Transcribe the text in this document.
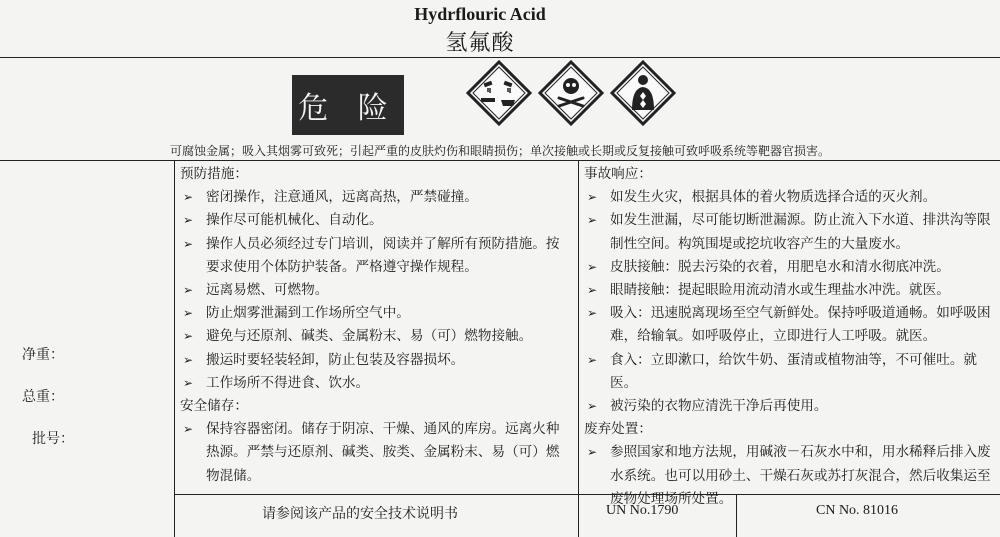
Hydrflouric Acid
氢氟酸
危 险
可腐蚀金属；吸入其烟雾可致死；引起严重的皮肤灼伤和眼睛损伤；单次接触或长期或反复接触可致呼吸系统等靶器官损害。
净重：
总重：
批号：
预防措施：
➢ 密闭操作，注意通风，远离高热，严禁碰撞。
➢ 操作尽可能机械化、自动化。
➢ 操作人员必须经过专门培训，阅读并了解所有预防措施。按要求使用个体防护装备。严格遵守操作规程。
➢ 远离易燃、可燃物。
➢ 防止烟雾泄漏到工作场所空气中。
➢ 避免与还原剂、碱类、金属粉末、易（可）燃物接触。
➢ 搬运时要轻装轻卸，防止包装及容器损坏。
➢ 工作场所不得进食、饮水。
安全储存：
➢ 保持容器密闭。储存于阴凉、干燥、通风的库房。远离火种热源。严禁与还原剂、碱类、胺类、金属粉末、易（可）燃物混储。
事故响应：
➢ 如发生火灾，根据具体的着火物质选择合适的灭火剂。
➢ 如发生泄漏，尽可能切断泄漏源。防止流入下水道、排洪沟等限制性空间。构筑围堤或挖坑收容产生的大量废水。
➢ 皮肤接触：脱去污染的衣着，用肥皂水和清水彻底冲洗。
➢ 眼睛接触：提起眼睑用流动清水或生理盐水冲洗。就医。
➢ 吸入：迅速脱离现场至空气新鲜处。保持呼吸道通畅。如呼吸困难，给输氧。如呼吸停止，立即进行人工呼吸。就医。
➢ 食入：立即漱口，给饮牛奶、蛋清或植物油等，不可催吐。就医。
➢ 被污染的衣物应清洗干净后再使用。
废弃处置：
➢ 参照国家和地方法规，用碱液－石灰水中和，用水稀释后排入废水系统。也可以用砂土、干燥石灰或苏打灰混合，然后收集运至废物处理场所处置。
请参阅该产品的安全技术说明书	UN No.1790	CN No. 81016
